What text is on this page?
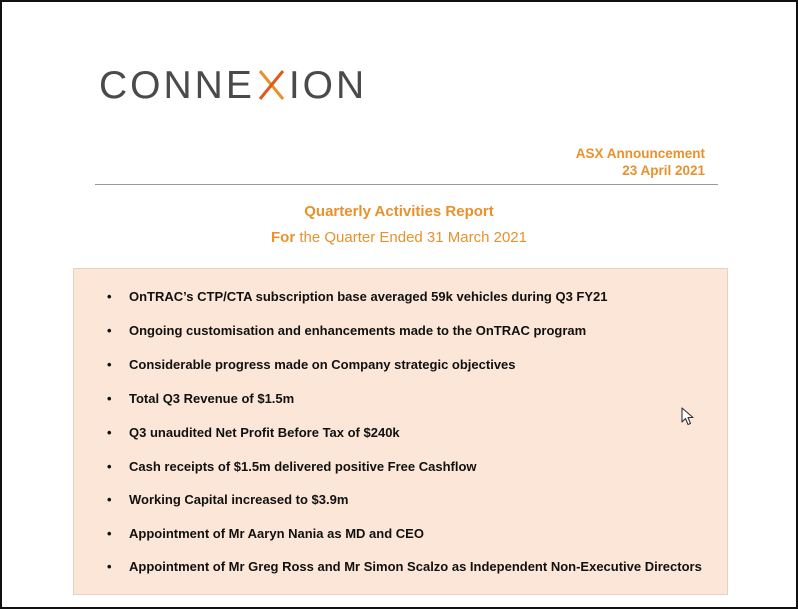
CONNE ION
ASX Announcement
23 April 2021
Quarterly Activities Report
For the Quarter Ended 31 March 2021
• OnTRAC’s CTP/CTA subscription base averaged 59k vehicles during Q3 FY21
• Ongoing customisation and enhancements made to the OnTRAC program
• Considerable progress made on Company strategic objectives
• Total Q3 Revenue of $1.5m
• Q3 unaudited Net Profit Before Tax of $240k
• Cash receipts of $1.5m delivered positive Free Cashflow
• Working Capital increased to $3.9m
• Appointment of Mr Aaryn Nania as MD and CEO
• Appointment of Mr Greg Ross and Mr Simon Scalzo as Independent Non-Executive Directors
